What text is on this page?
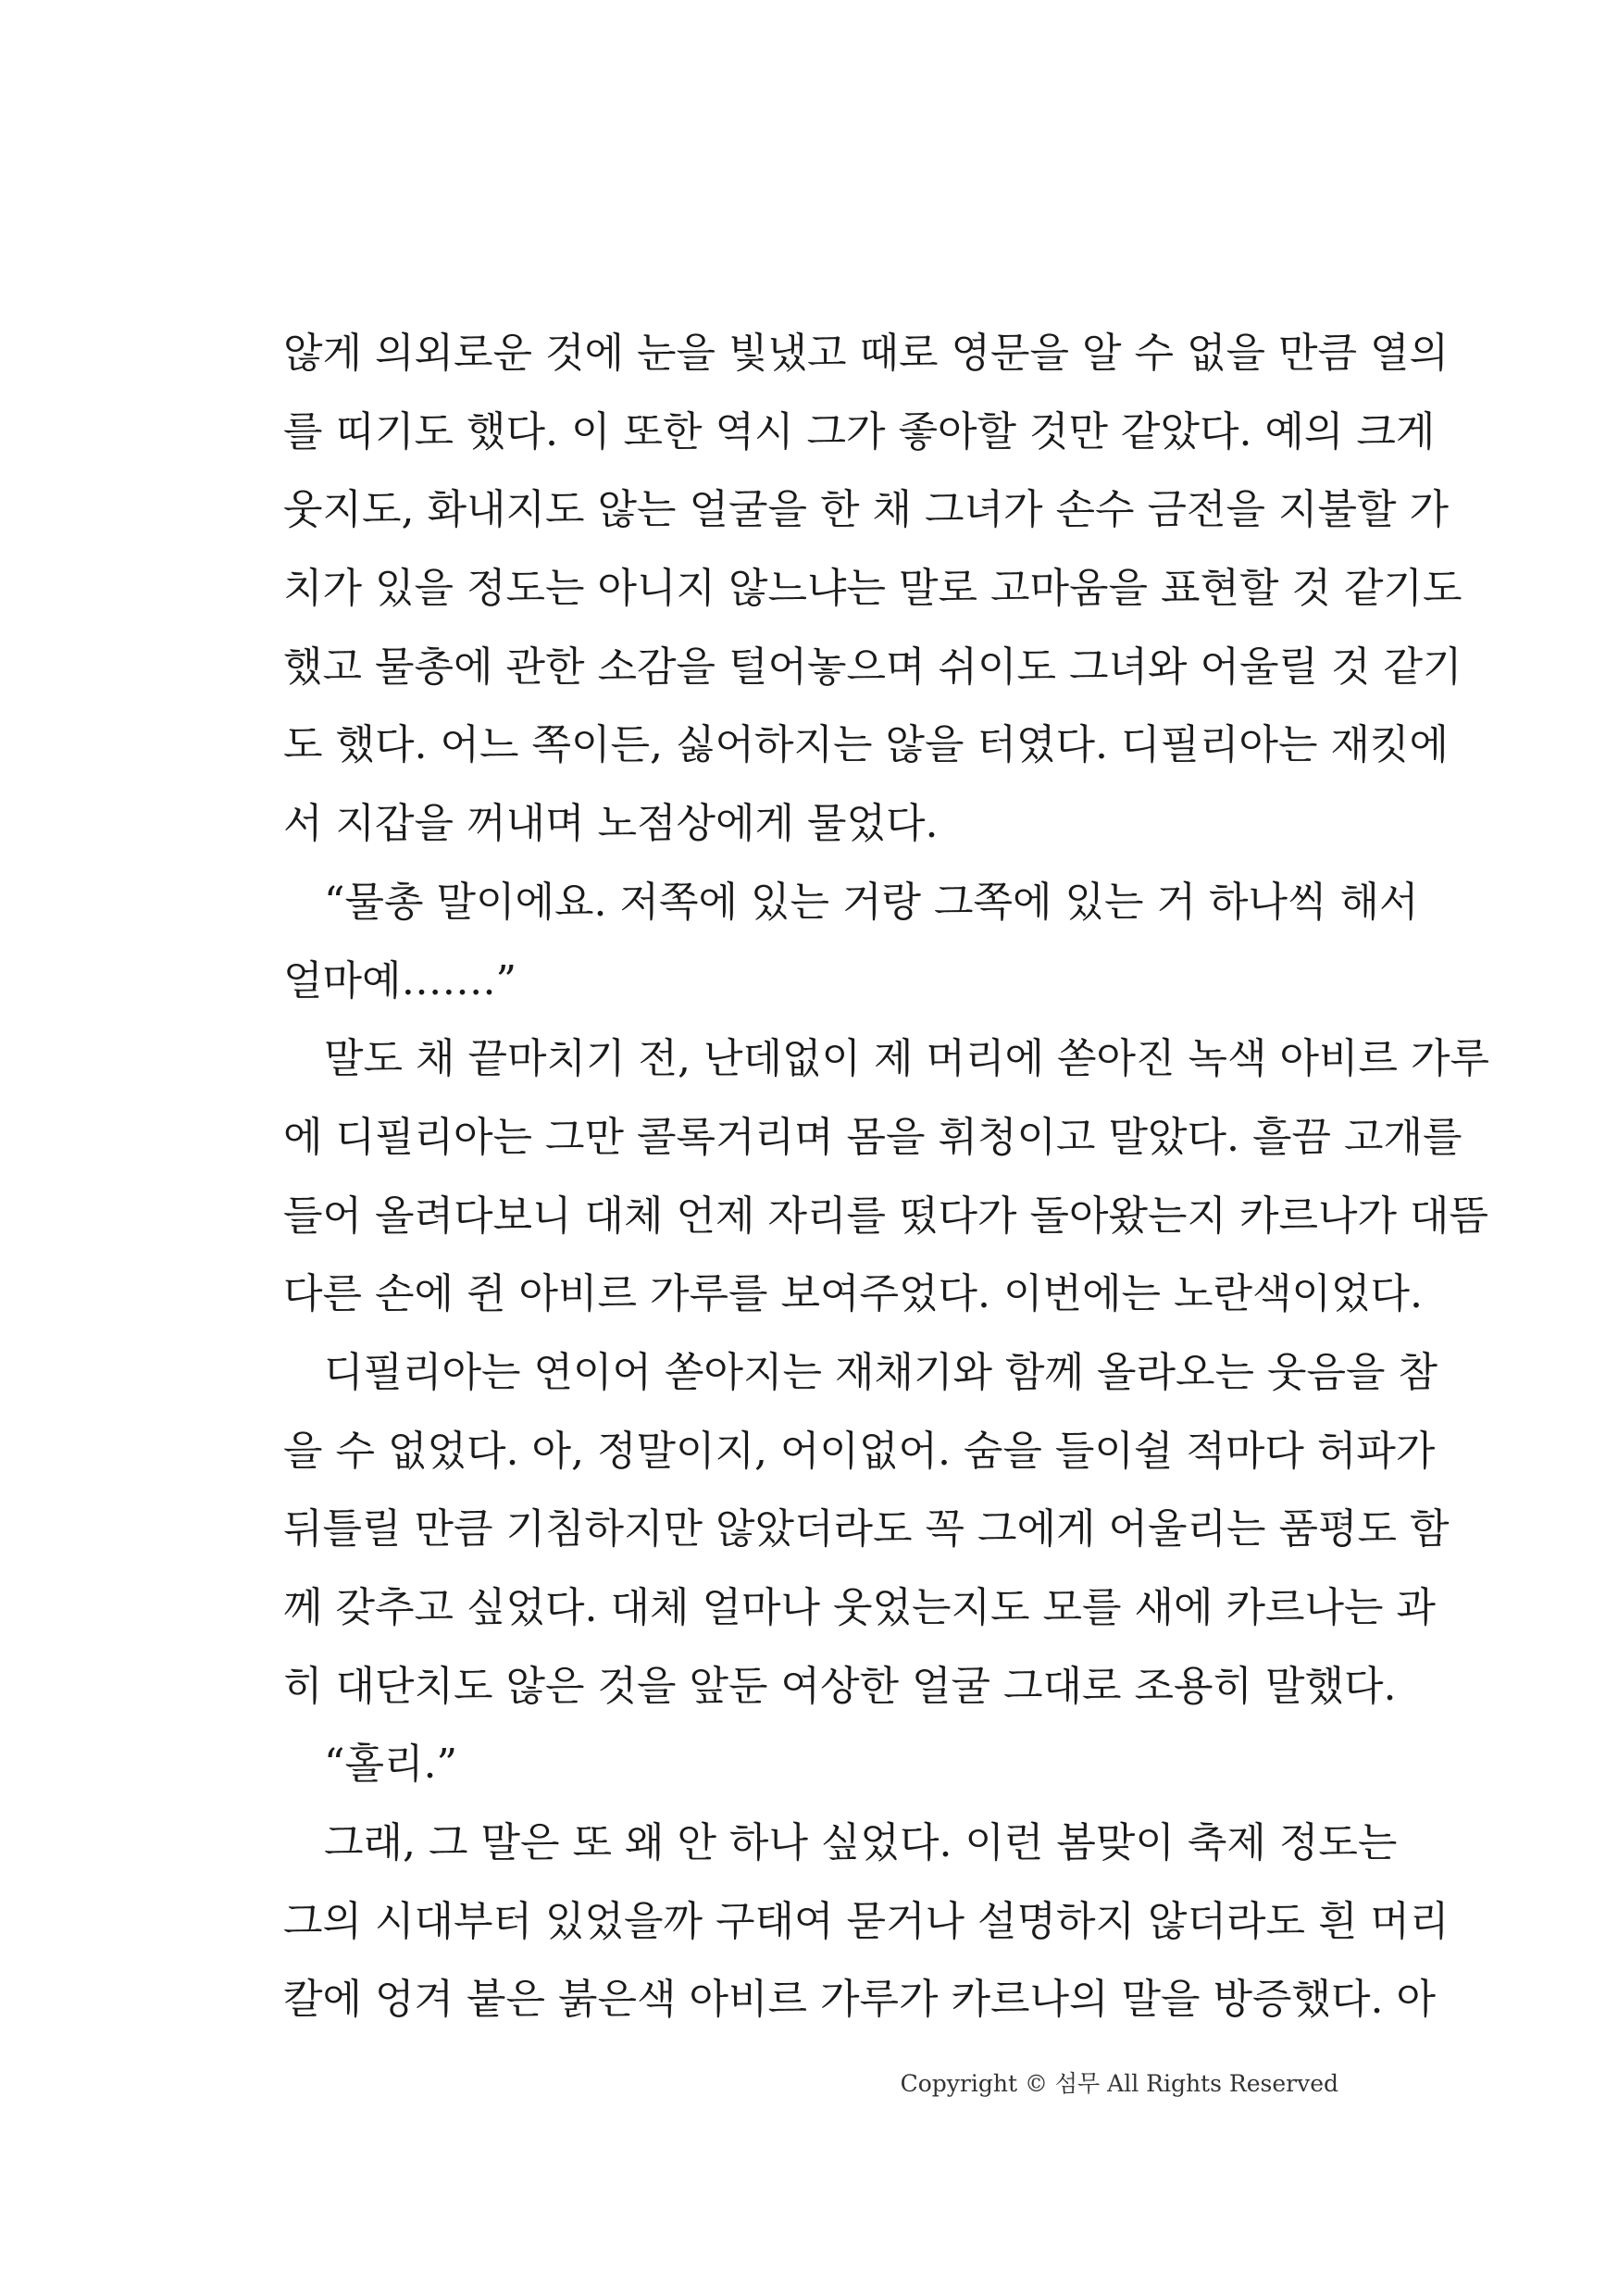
않게 의외로운 것에 눈을 빛냈고 때로 영문을 알 수 없을 만큼 열의
를 띠기도 했다. 이 또한 역시 그가 좋아할 것만 같았다. 예의 크게
웃지도, 화내지도 않는 얼굴을 한 채 그녀가 손수 금전을 지불할 가
치가 있을 정도는 아니지 않느냐는 말로 고마움을 표현할 것 같기도
했고 물총에 관한 소감을 털어놓으며 쉬이도 그녀와 어울릴 것 같기
도 했다. 어느 쪽이든, 싫어하지는 않을 터였다. 디필리아는 재킷에
서 지갑을 꺼내며 노점상에게 물었다.
“물총 말이에요. 저쪽에 있는 거랑 그쪽에 있는 거 하나씩 해서
얼마예…….”
말도 채 끝마치기 전, 난데없이 제 머리에 쏟아진 녹색 아비르 가루
에 디필리아는 그만 콜록거리며 몸을 휘청이고 말았다. 흘끔 고개를
들어 올려다보니 대체 언제 자리를 떴다가 돌아왔는지 카르나가 대뜸
다른 손에 쥔 아비르 가루를 보여주었다. 이번에는 노란색이었다.
디필리아는 연이어 쏟아지는 재채기와 함께 올라오는 웃음을 참
을 수 없었다. 아, 정말이지, 어이없어. 숨을 들이쉴 적마다 허파가
뒤틀릴 만큼 기침하지만 않았더라도 꼭 그에게 어울리는 품평도 함
께 갖추고 싶었다. 대체 얼마나 웃었는지도 모를 새에 카르나는 과
히 대단치도 않은 것을 앞둔 여상한 얼굴 그대로 조용히 말했다.
“홀리.”
그래, 그 말은 또 왜 안 하나 싶었다. 이런 봄맞이 축제 정도는
그의 시대부터 있었을까 구태여 묻거나 설명하지 않더라도 흰 머리
칼에 엉겨 붙은 붉은색 아비르 가루가 카르나의 말을 방증했다. 아
Copyright © 섬무 All Rights Reserved
